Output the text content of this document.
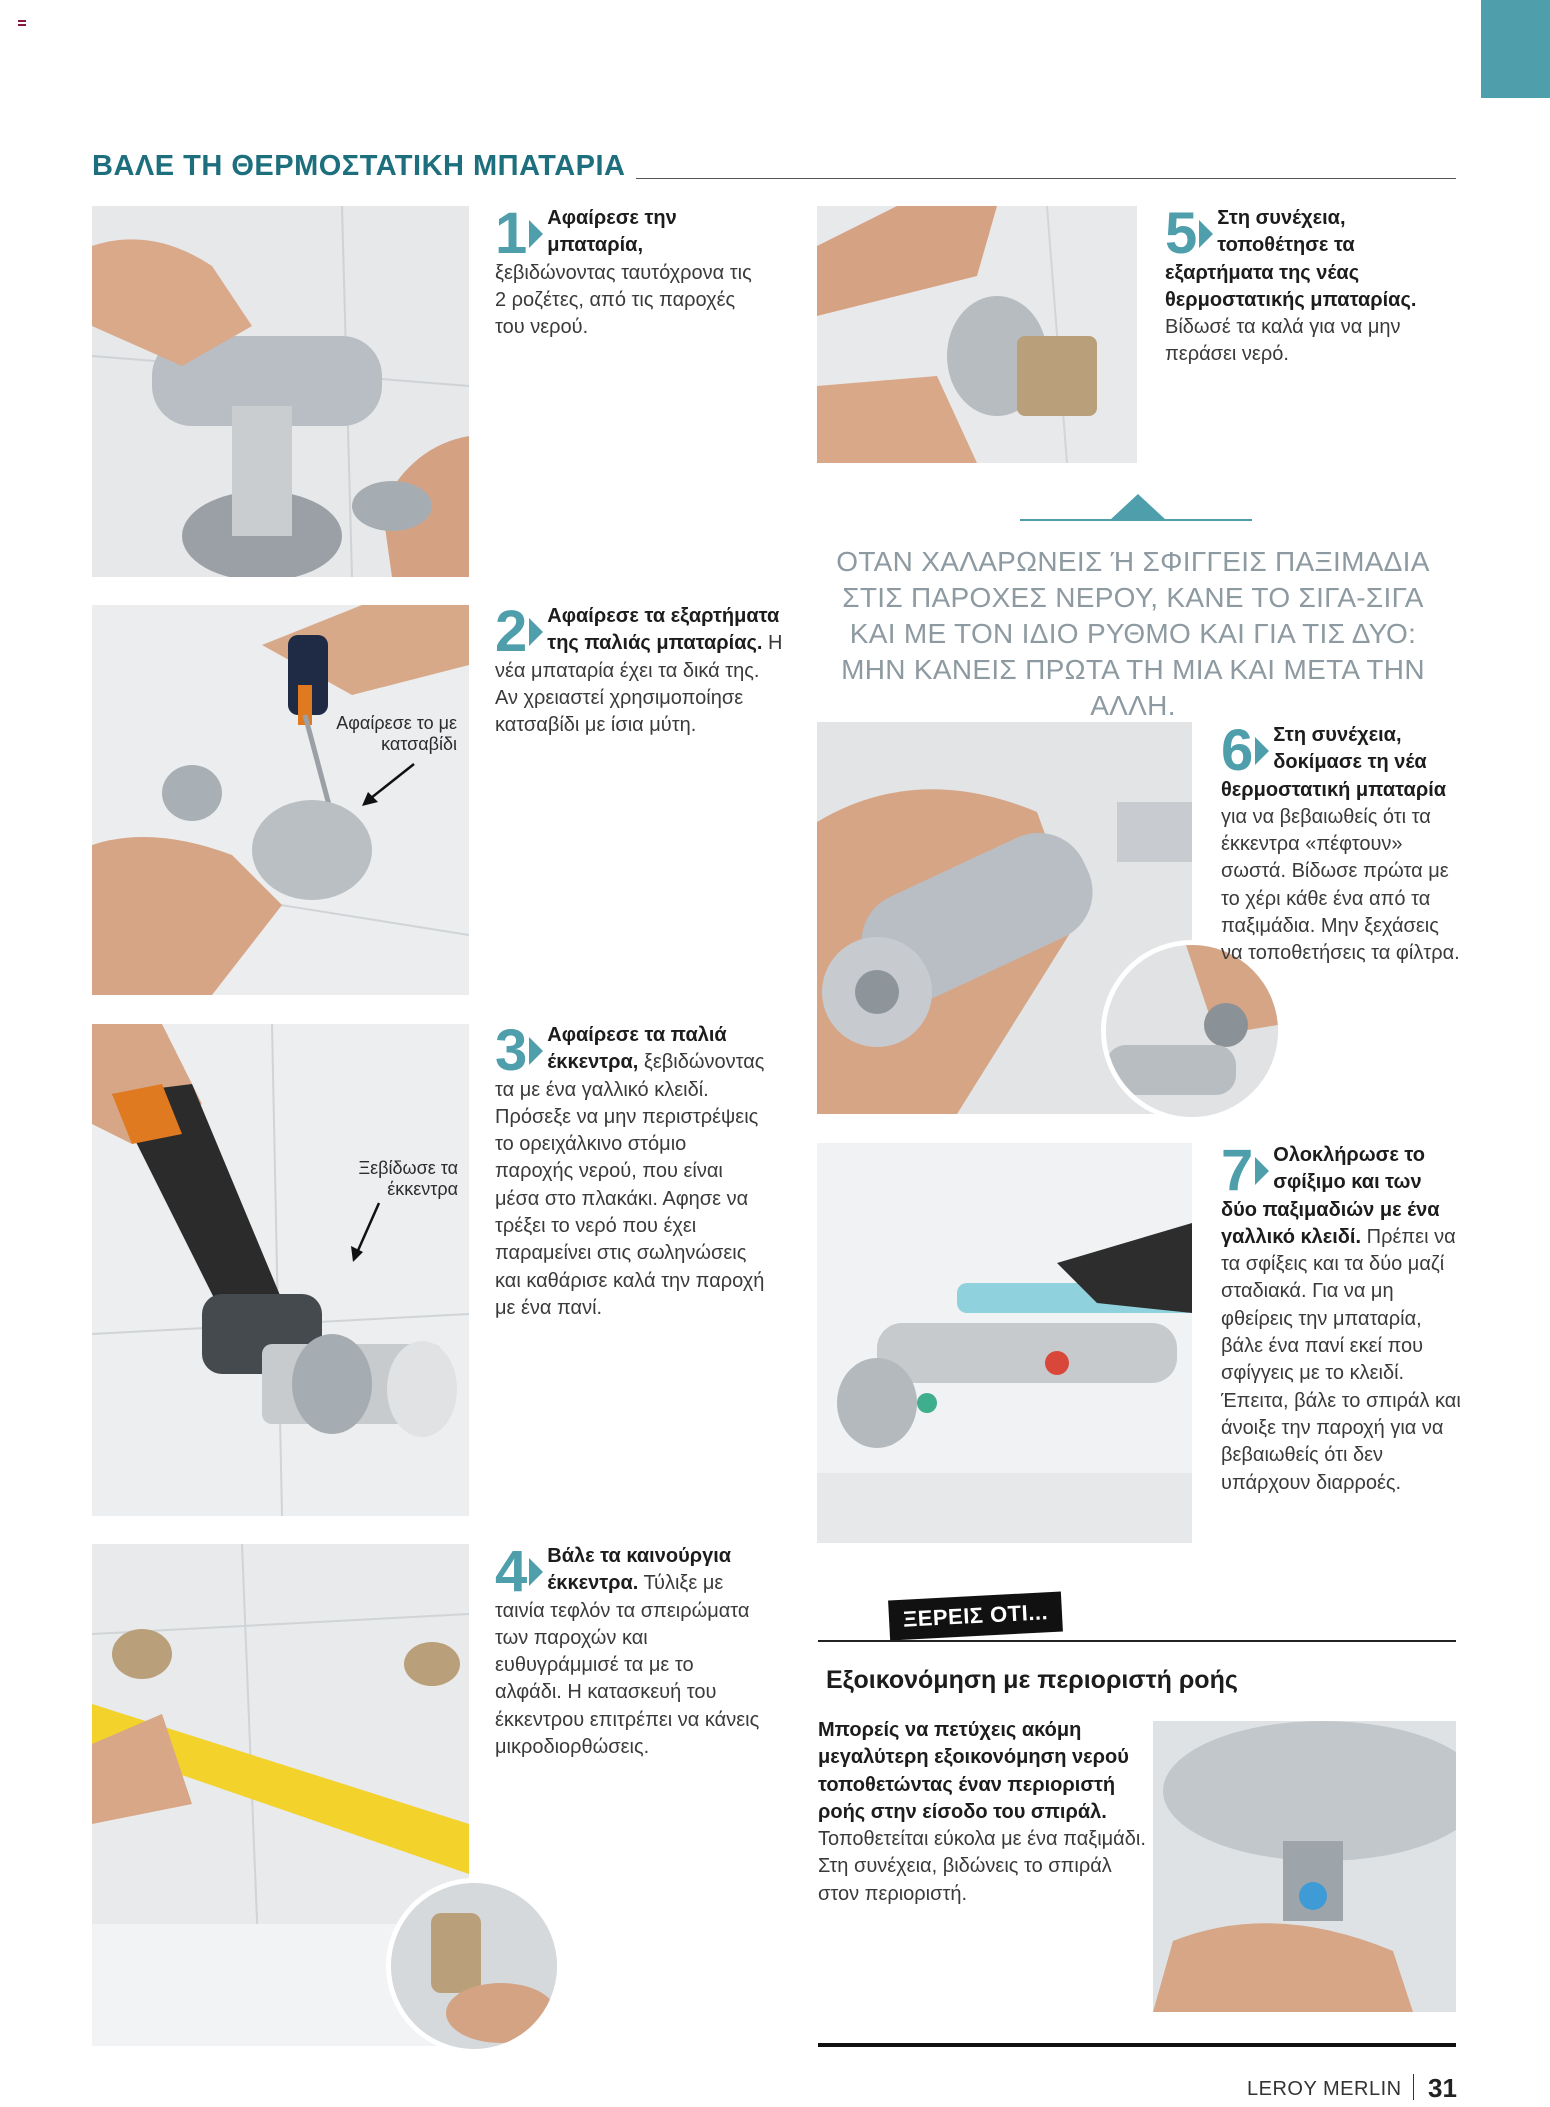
ΒΑΛΕ ΤΗ ΘΕΡΜΟΣΤΑΤΙΚΗ ΜΠΑΤΑΡΙΑ
1 Αφαίρεσε την μπαταρία, ξεβιδώνοντας ταυτόχρονα τις 2 ροζέτες, από τις παροχές του νερού.
Αφαίρεσε το με κατσαβίδι
2 Αφαίρεσε τα εξαρτήματα της παλιάς μπαταρίας. Η νέα μπαταρία έχει τα δικά της. Αν χρειαστεί χρησιμοποίησε κατσαβίδι με ίσια μύτη.
Ξεβίδωσε τα έκκεντρα
3 Αφαίρεσε τα παλιά έκκεντρα, ξεβιδώνοντας τα με ένα γαλλικό κλειδί. Πρόσεξε να μην περιστρέψεις το ορειχάλκινο στόμιο παροχής νερού, που είναι μέσα στο πλακάκι. Αφησε να τρέξει το νερό που έχει παραμείνει στις σωληνώσεις και καθάρισε καλά την παροχή με ένα πανί.
4 Βάλε τα καινούργια έκκεντρα. Τύλιξε με ταινία τεφλόν τα σπειρώματα των παροχών και ευθυγράμμισέ τα με το αλφάδι. Η κατασκευή του έκκεντρου επιτρέπει να κάνεις μικροδιορθώσεις.
5 Στη συνέχεια, τοποθέτησε τα εξαρτήματα της νέας θερμοστατικής μπαταρίας. Βίδωσέ τα καλά για να μην περάσει νερό.
ΟΤΑΝ ΧΑΛΑΡΩΝΕΙΣ Ή ΣΦΙΓΓΕΙΣ ΠΑΞΙΜΑΔΙΑ ΣΤΙΣ ΠΑΡΟΧΕΣ ΝΕΡΟΥ, ΚΑΝΕ ΤΟ ΣΙΓΑ-ΣΙΓΑ ΚΑΙ ΜΕ ΤΟΝ ΙΔΙΟ ΡΥΘΜΟ ΚΑΙ ΓΙΑ ΤΙΣ ΔΥΟ: ΜΗΝ ΚΑΝΕΙΣ ΠΡΩΤΑ ΤΗ ΜΙΑ ΚΑΙ ΜΕΤΑ ΤΗΝ ΑΛΛΗ.
6 Στη συνέχεια, δοκίμασε τη νέα θερμοστατική μπαταρία για να βεβαιωθείς ότι τα έκκεντρα «πέφτουν» σωστά. Βίδωσε πρώτα με το χέρι κάθε ένα από τα παξιμάδια. Μην ξεχάσεις να τοποθετήσεις τα φίλτρα.
7 Ολοκλήρωσε το σφίξιμο και των δύο παξιμαδιών με ένα γαλλικό κλειδί. Πρέπει να τα σφίξεις και τα δύο μαζί σταδιακά. Για να μη φθείρεις την μπαταρία, βάλε ένα πανί εκεί που σφίγγεις με το κλειδί. Έπειτα, βάλε το σπιράλ και άνοιξε την παροχή για να βεβαιωθείς ότι δεν υπάρχουν διαρροές.
ΞΕΡΕΙΣ ΟΤΙ...
Εξοικονόμηση με περιοριστή ροής
Μπορείς να πετύχεις ακόμη μεγαλύτερη εξοικονόμηση νερού τοποθετώντας έναν περιοριστή ροής στην είσοδο του σπιράλ. Τοποθετείται εύκολα με ένα παξιμάδι. Στη συνέχεια, βιδώνεις το σπιράλ στον περιοριστή.
LEROY MERLIN 31
